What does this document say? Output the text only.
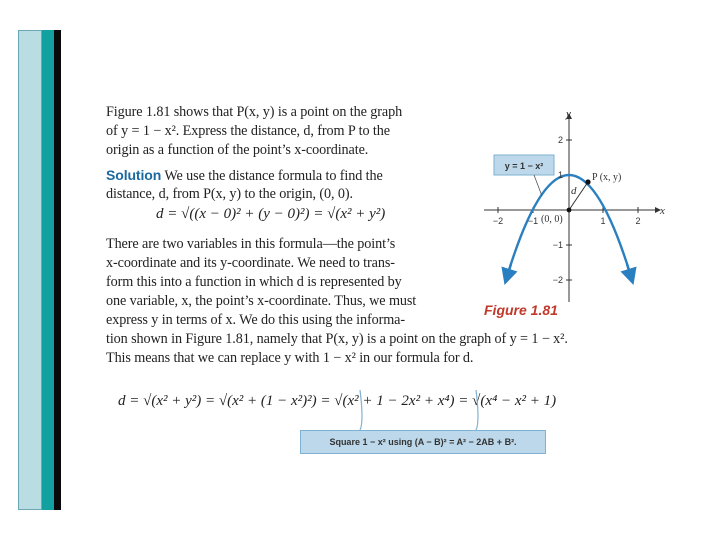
Figure 1.81 shows that P(x, y) is a point on the graph
of y = 1 − x². Express the distance, d, from P to the
origin as a function of the point’s x-coordinate.
Solution We use the distance formula to find the
distance, d, from P(x, y) to the origin, (0, 0).
d = √((x − 0)² + (y − 0)²) = √(x² + y²)
There are two variables in this formula—the point’s
x-coordinate and its y-coordinate. We need to trans-
form this into a function in which d is represented by
one variable, x, the point’s x-coordinate. Thus, we must
express y in terms of x. We do this using the informa-
tion shown in Figure 1.81, namely that P(x, y) is a point on the graph of y = 1 − x².
This means that we can replace y with 1 − x² in our formula for d.
y = 1 − x²
P (x, y)
d
(0, 0)
x
y
−2	−1	1	2
2
1
−1
−2
Figure 1.81
d = √(x² + y²) = √(x² + (1 − x²)²) = √(x² + 1 − 2x² + x⁴) = √(x⁴ − x² + 1)
Square 1 − x² using (A − B)² = A² − 2AB + B².
